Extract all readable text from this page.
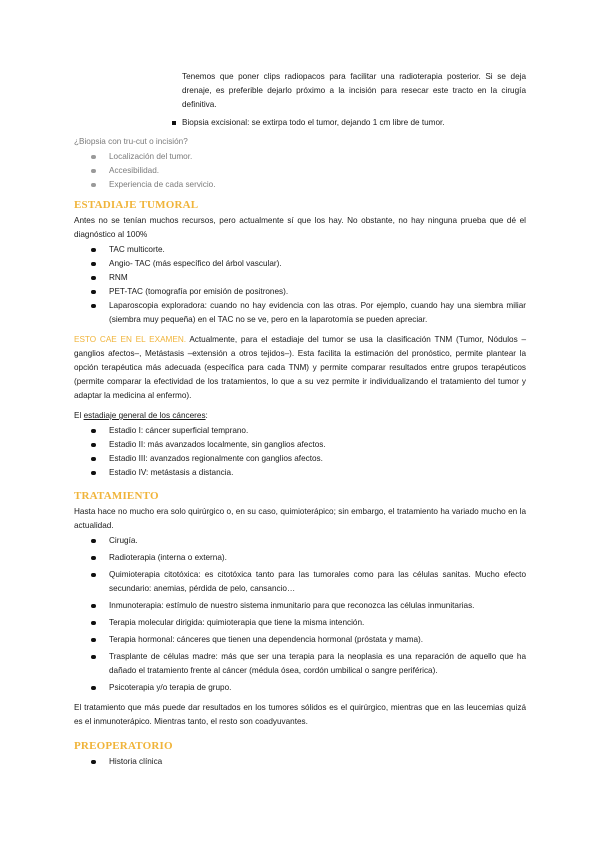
Tenemos que poner clips radiopacos para facilitar una radioterapia posterior. Si se deja drenaje, es preferible dejarlo próximo a la incisión para resecar este tracto en la cirugía definitiva.

Biopsia excisional: se extirpa todo el tumor, dejando 1 cm libre de tumor.

¿Biopsia con tru-cut o incisión?

Localización del tumor.
Accesibilidad.
Experiencia de cada servicio.
ESTADIAJE TUMORAL

Antes no se tenían muchos recursos, pero actualmente sí que los hay. No obstante, no hay ninguna prueba que dé el diagnóstico al 100%

TAC multicorte.
Angio- TAC (más específico del árbol vascular).
RNM
PET-TAC (tomografía por emisión de positrones).
Laparoscopia exploradora: cuando no hay evidencia con las otras. Por ejemplo, cuando hay una siembra miliar (siembra muy pequeña) en el TAC no se ve, pero en la laparotomía se pueden apreciar.

ESTO CAE EN EL EXAMEN. Actualmente, para el estadiaje del tumor se usa la clasificación TNM (Tumor, Nódulos –ganglios afectos–, Metástasis –extensión a otros tejidos–). Esta facilita la estimación del pronóstico, permite plantear la opción terapéutica más adecuada (específica para cada TNM) y permite comparar resultados entre grupos terapéuticos (permite comparar la efectividad de los tratamientos, lo que a su vez permite ir individualizando el tratamiento del tumor y adaptar la medicina al enfermo).

El estadiaje general de los cánceres:

Estadio I: cáncer superficial temprano.
Estadio II: más avanzados localmente, sin ganglios afectos.
Estadio III: avanzados regionalmente con ganglios afectos.
Estadio IV: metástasis a distancia.
TRATAMIENTO

Hasta hace no mucho era solo quirúrgico o, en su caso, quimioterápico; sin embargo, el tratamiento ha variado mucho en la actualidad.

Cirugía.
Radioterapia (interna o externa).
Quimioterapia citotóxica: es citotóxica tanto para las tumorales como para las células sanitas. Mucho efecto secundario: anemias, pérdida de pelo, cansancio…
Inmunoterapia: estímulo de nuestro sistema inmunitario para que reconozca las células inmunitarias.
Terapia molecular dirigida: quimioterapia que tiene la misma intención.
Terapia hormonal: cánceres que tienen una dependencia hormonal (próstata y mama).
Trasplante de células madre: más que ser una terapia para la neoplasia es una reparación de aquello que ha dañado el tratamiento frente al cáncer (médula ósea, cordón umbilical o sangre periférica).
Psicoterapia y/o terapia de grupo.

El tratamiento que más puede dar resultados en los tumores sólidos es el quirúrgico, mientras que en las leucemias quizá es el inmunoterápico. Mientras tanto, el resto son coadyuvantes.

PREOPERATORIO
Historia clínica
